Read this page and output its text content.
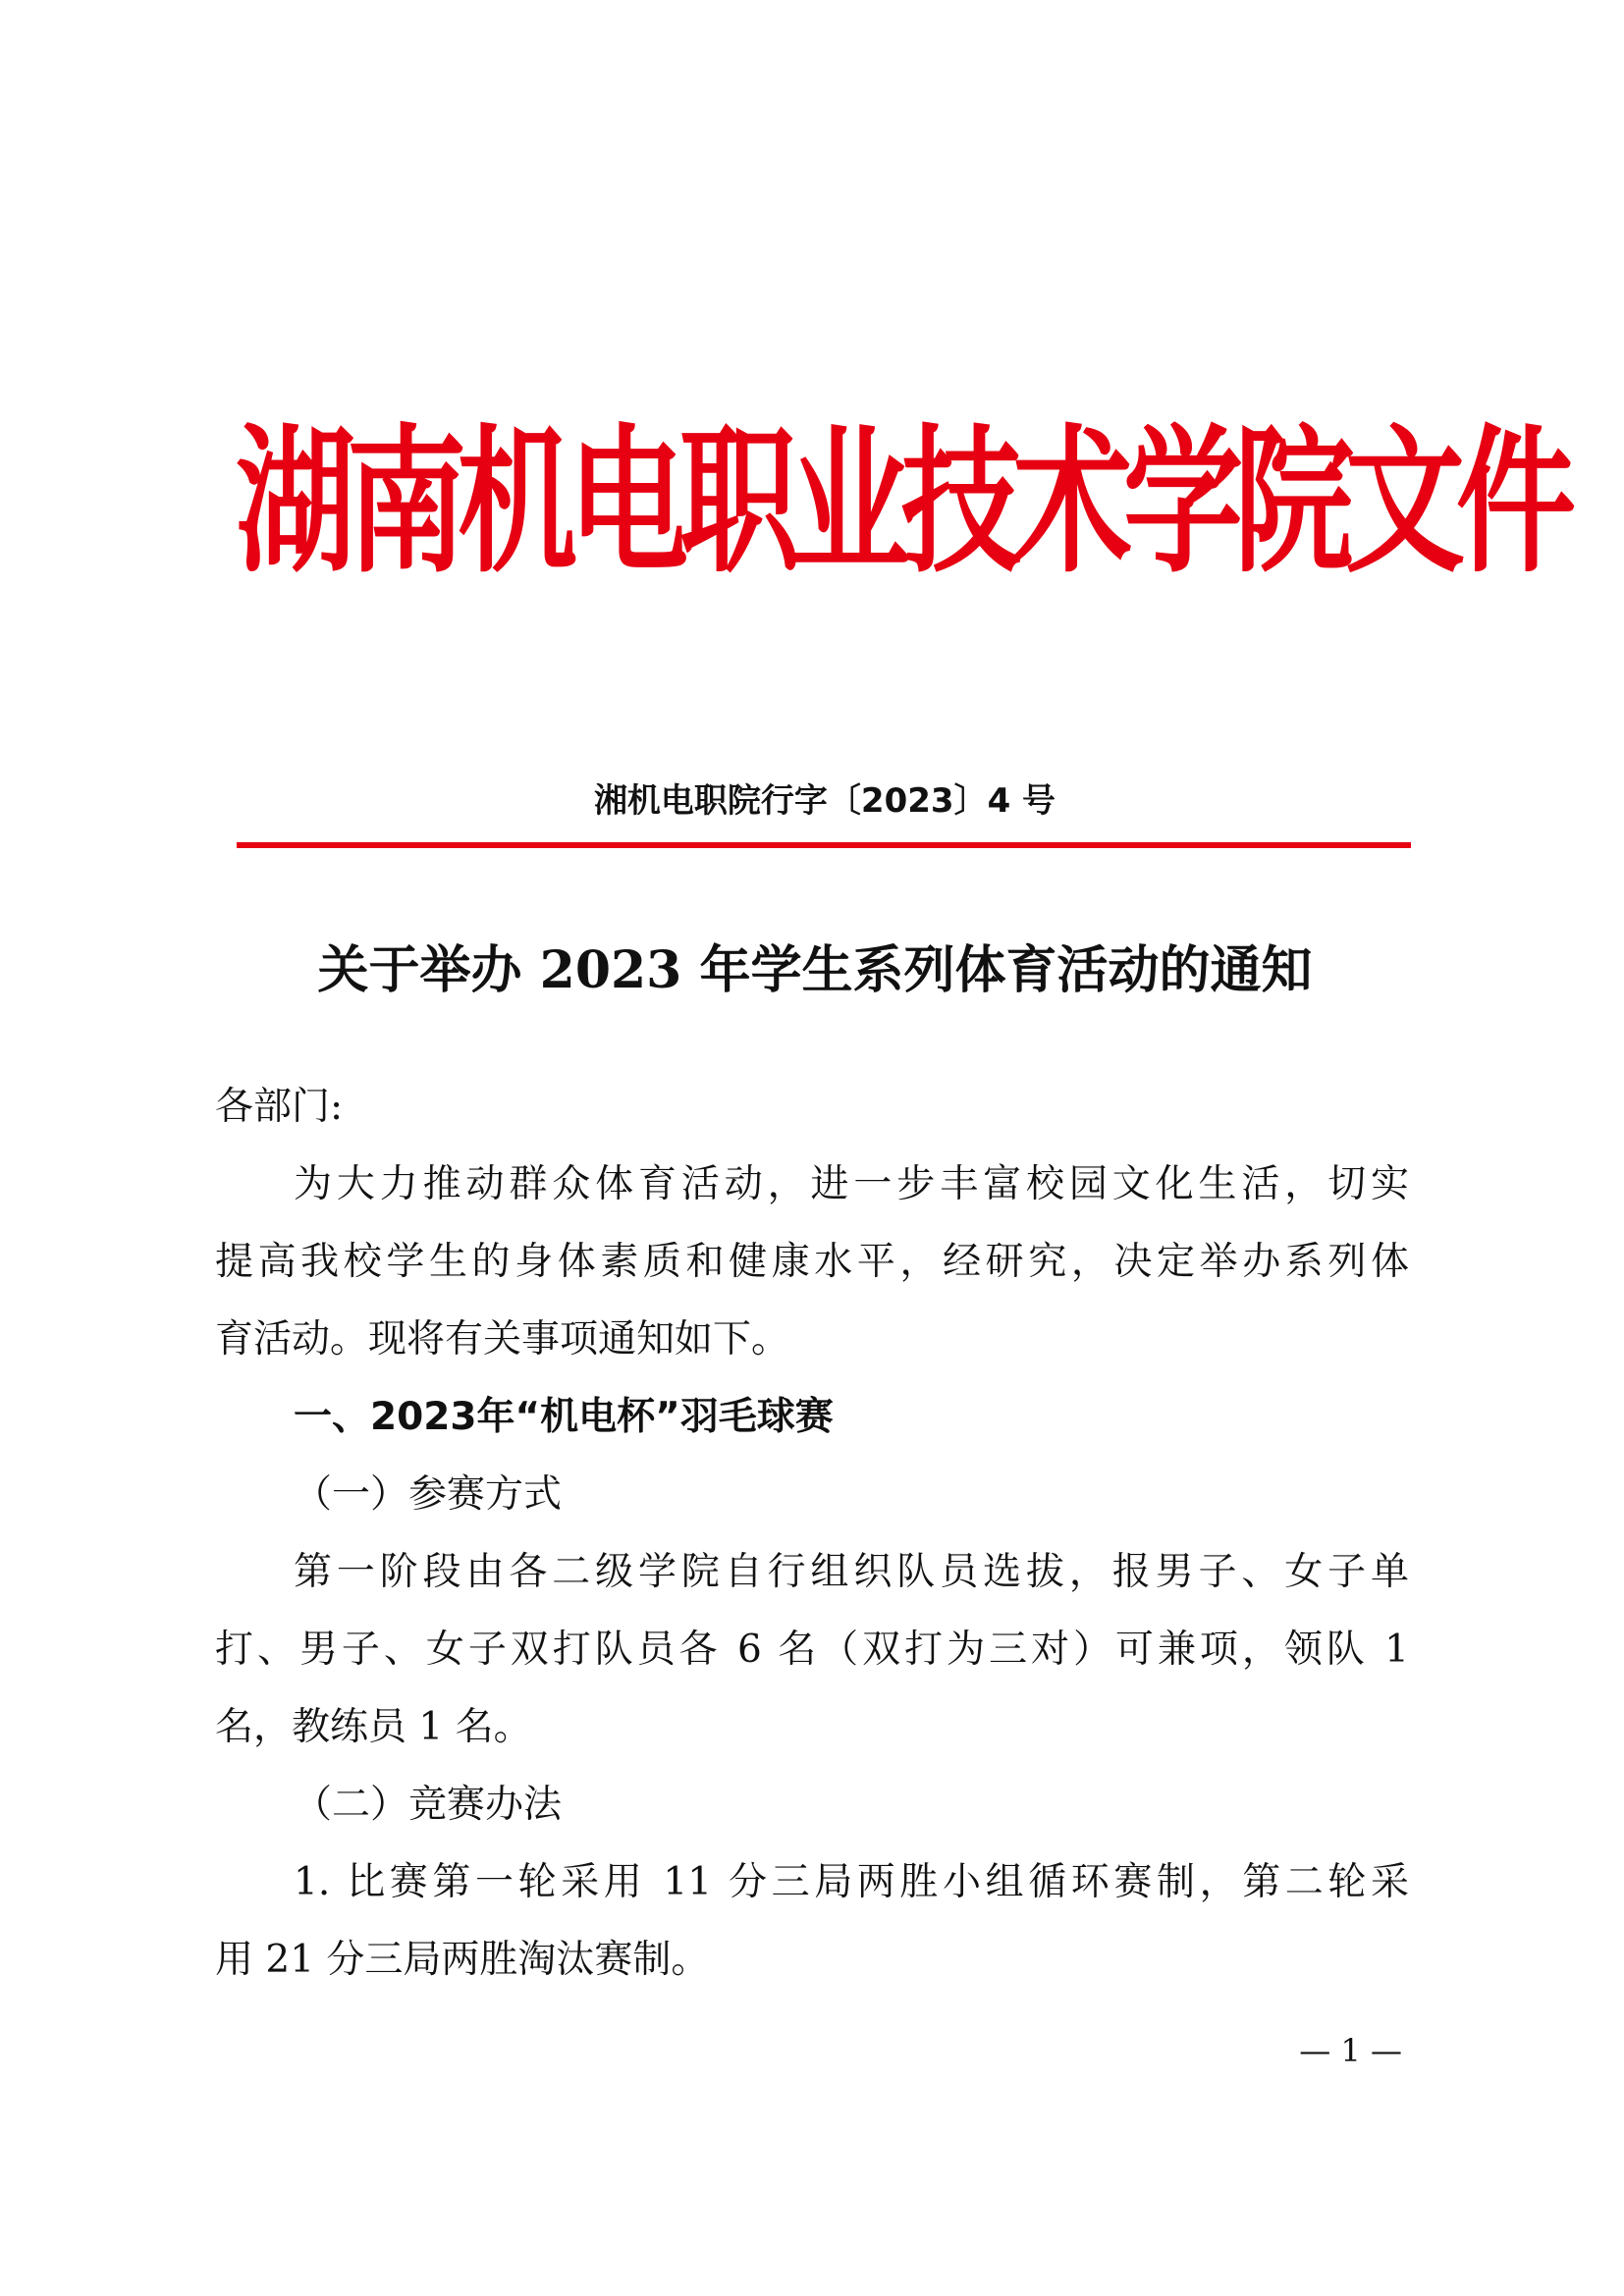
湖南机电职业技术学院文件
湘机电职院行字〔2023〕4 号
关于举办 2023 年学生系列体育活动的通知
各部门:
为大力推动群众体育活动，进一步丰富校园文化生活，切实
提高我校学生的身体素质和健康水平，经研究，决定举办系列体
育活动。现将有关事项通知如下。
一、2023年“机电杯”羽毛球赛
（一）参赛方式
第一阶段由各二级学院自行组织队员选拔，报男子、女子单
打、男子、女子双打队员各 6 名（双打为三对）可兼项，领队 1
名，教练员 1 名。
（二）竞赛办法
1. 比赛第一轮采用 11 分三局两胜小组循环赛制，第二轮采
用 21 分三局两胜淘汰赛制。
— 1 —
